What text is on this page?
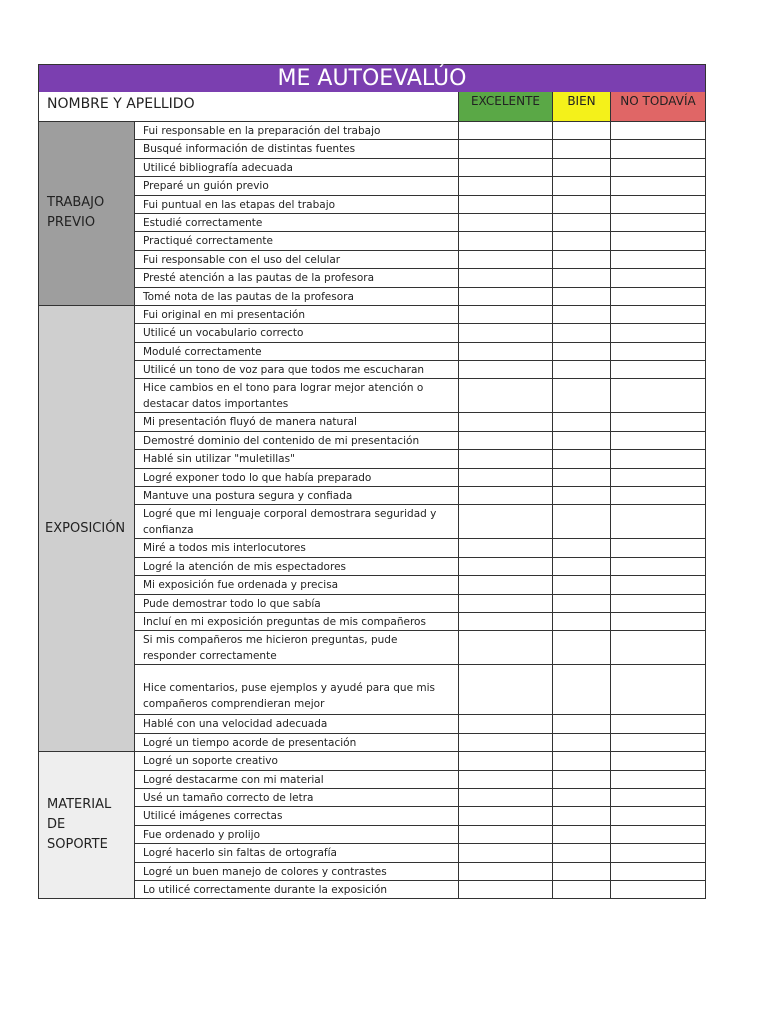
ME AUTOEVALÚO
NOMBRE Y APELLIDO	EXCELENTE	BIEN	NO TODAVÍA
TRABAJO
PREVIO
Fui responsable en la preparación del trabajo
Busqué información de distintas fuentes
Utilicé bibliografía adecuada
Preparé un guión previo
Fui puntual en las etapas del trabajo
Estudié correctamente
Practiqué correctamente
Fui responsable con el uso del celular
Presté atención a las pautas de la profesora
Tomé nota de las pautas de la profesora
EXPOSICIÓN
Fui original en mi presentación
Utilicé un vocabulario correcto
Modulé correctamente
Utilicé un tono de voz para que todos me escucharan
Hice cambios en el tono para lograr mejor atención o destacar datos importantes
Mi presentación fluyó de manera natural
Demostré dominio del contenido de mi presentación
Hablé sin utilizar "muletillas"
Logré exponer todo lo que había preparado
Mantuve una postura segura y confiada
Logré que mi lenguaje corporal demostrara seguridad y confianza
Miré a todos mis interlocutores
Logré la atención de mis espectadores
Mi exposición fue ordenada y precisa
Pude demostrar todo lo que sabía
Incluí en mi exposición preguntas de mis compañeros
Si mis compañeros me hicieron preguntas, pude responder correctamente
Hice comentarios, puse ejemplos y ayudé para que mis compañeros comprendieran mejor
Hablé con una velocidad adecuada
Logré un tiempo acorde de presentación
MATERIAL
DE
SOPORTE
Logré un soporte creativo
Logré destacarme con mi material
Usé un tamaño correcto de letra
Utilicé imágenes correctas
Fue ordenado y prolijo
Logré hacerlo sin faltas de ortografía
Logré un buen manejo de colores y contrastes
Lo utilicé correctamente durante la exposición
